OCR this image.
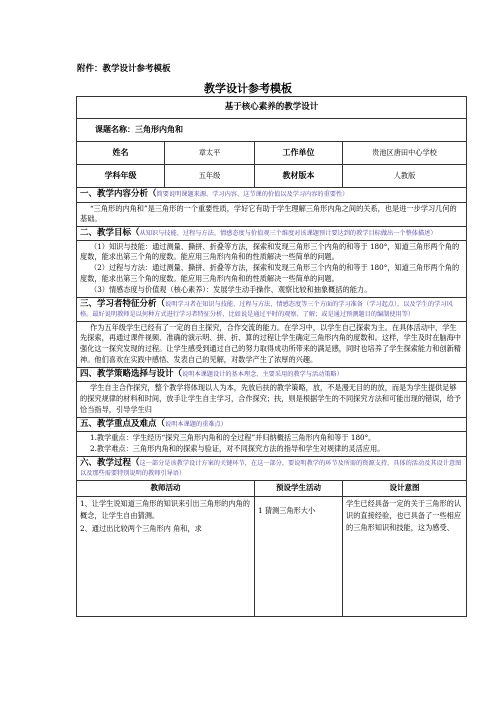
附件：教学设计参考模板
教学设计参考模板
基于核心素养的教学设计			
课题名称：三角形内角和			
姓名	章太平	工作单位	贵池区唐田中心学校
学科年级	五年级	教材版本	人教版
一、教学内容分析（简要说明课题来源、学习内容、这节课的价值以及学习内容的重要性）			
“三角形的内角和”是三角形的一个重要性质，学好它有助于学生理解三角形内角之间的关系，也是进一步学习几何的基础。			
二、教学目标（从知识与技能、过程与方法、情感态度与价值观三个维度对该课题预计要达到的教学目标做出一个整体描述）			

（1）知识与技能：通过测量、撕拼、折叠等方法，探索和发现三角形三个内角的和等于 180°，知道三角形两个角的度数，能求出第三个角的度数。能应用三角形内角和的性质解决一些简单的问题。

（2）过程与方法：通过测量、撕拼、折叠等方法，探索和发现三角形三个内角的和等于 180°，知道三角形两个角的度数，能求出第三个角的度数。能应用三角形内角和的性质解决一些简单的问题。

（3）情感态度与价值观（核心素养）：发展学生动手操作、观察比较和抽象概括的能力。			

三、学习者特征分析（说明学习者在知识与技能、过程与方法、情感态度等三个方面的学习准备（学习起点），以及学生的学习风格。最好说明教师是以何种方式进行学习者特征分析，比如说是通过平时的观察、了解；或是通过预测题目的编制使用等）			
作为五年级学生已经有了一定的自主探究，合作交流的能力。在学习中，以学生自己探索为主。在具体活动中，学生先探索，再通过课件视频、准确的演示明、拼、折、算的过程让学生确定三角形内角的度数和。这样，学生及时在脑海中强化这一探究发现的过程。让学生感受到通过自己的努力取得成功所带来的满足感，同时也培养了学生探索能力和创新精神。他们喜欢在实践中感悟、发表自己的见解，对数学产生了浓厚的兴趣。			
四、教学策略选择与设计（说明本课题设计的基本理念、主要采用的教学与活动策略）			
学生自主合作探究，整个教学将体现以人为本，先放后扶的教学策略，放，不是漫无目的的放，而是为学生提供足够的探究规律的材料和时间，放手让学生自主学习，合作探究；扶，则是根据学生的不同探究方法和可能出现的错误，给予恰当指导，引导学生归			
五、教学重点及难点（说明本课题的重难点）			

1.教学重点：学生经历“探究三角形内角和的全过程”并归纳概括三角形内角和等于 180°。

2.教学难点：三角形内角和的探索与验证，对不同探究方法的指导和学生对规律的灵活应用。			

六、教学过程（这一部分是该教学设计方案的关键环节，在这一部分，要说明教学的环节及所需的资源支持、具体的活动及其设计意图以及那些需要特别说明的教师引导语）			
教师活动		预设学生活动	设计意图

1、让学生说知道三角形的知识来引出三角形的内角的概念，让学生自由猜测。

2、通过出比较两个三角形内 角和，求		1 猜测三角形大小	学生已经具备一定的关于三角形的认识的直接经验，也已具备了一些相应的三角形知识和技能，这为感受、
